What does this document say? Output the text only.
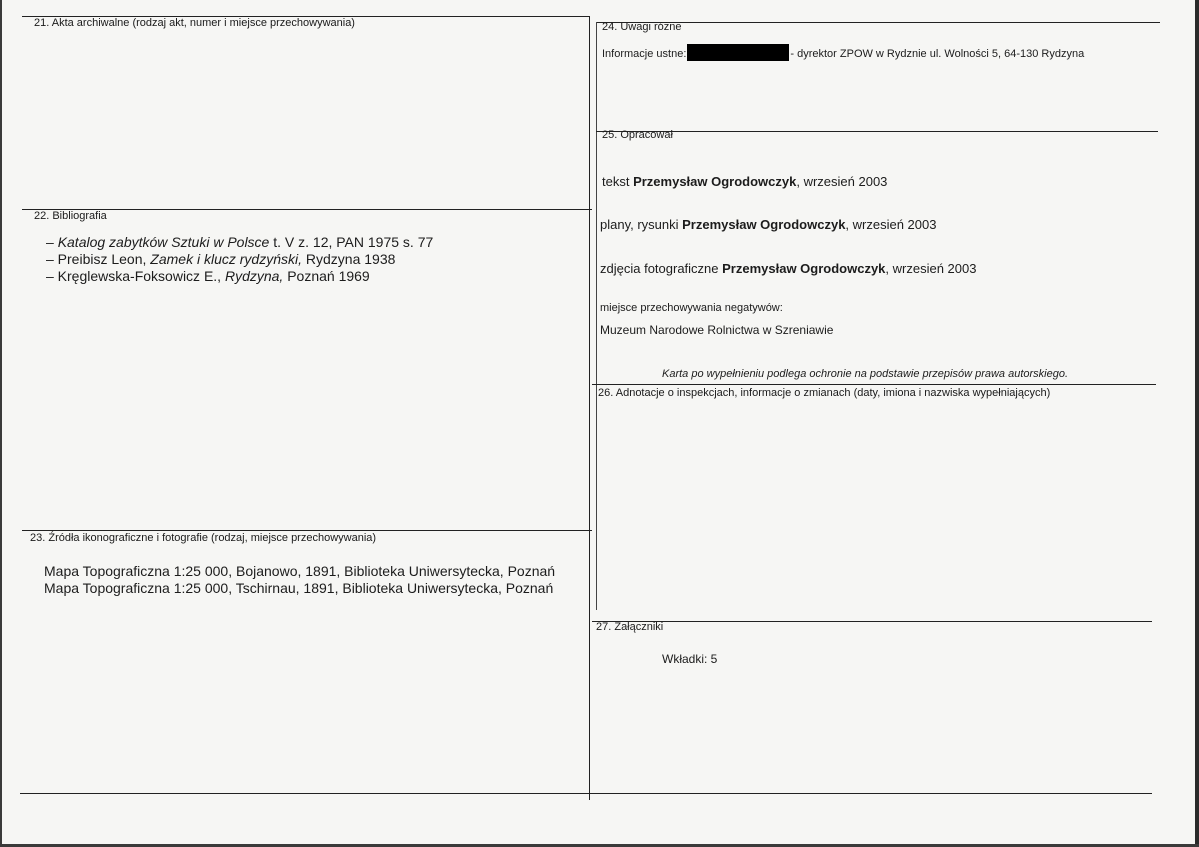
21. Akta archiwalne (rodzaj akt, numer i miejsce przechowywania)
22. Bibliografia
– Katalog zabytków Sztuki w Polsce t. V z. 12, PAN 1975 s. 77
– Preibisz Leon, Zamek i klucz rydzyński, Rydzyna 1938
– Kręglewska-Foksowicz E., Rydzyna, Poznań 1969
23. Źródła ikonograficzne i fotografie (rodzaj, miejsce przechowywania)
Mapa Topograficzna 1:25 000, Bojanowo, 1891, Biblioteka Uniwersytecka, Poznań
Mapa Topograficzna 1:25 000, Tschirnau, 1891, Biblioteka Uniwersytecka, Poznań
24. Uwagi różne
Informacje ustne:	- dyrektor ZPOW w Rydznie ul. Wolności 5, 64-130 Rydzyna
25. Opracował
tekst Przemysław Ogrodowczyk, wrzesień 2003
plany, rysunki Przemysław Ogrodowczyk, wrzesień 2003
zdjęcia fotograficzne Przemysław Ogrodowczyk, wrzesień 2003
miejsce przechowywania negatywów:
Muzeum Narodowe Rolnictwa w Szreniawie
Karta po wypełnieniu podlega ochronie na podstawie przepisów prawa autorskiego.
26. Adnotacje o inspekcjach, informacje o zmianach (daty, imiona i nazwiska wypełniających)
27. Załączniki
Wkładki: 5
